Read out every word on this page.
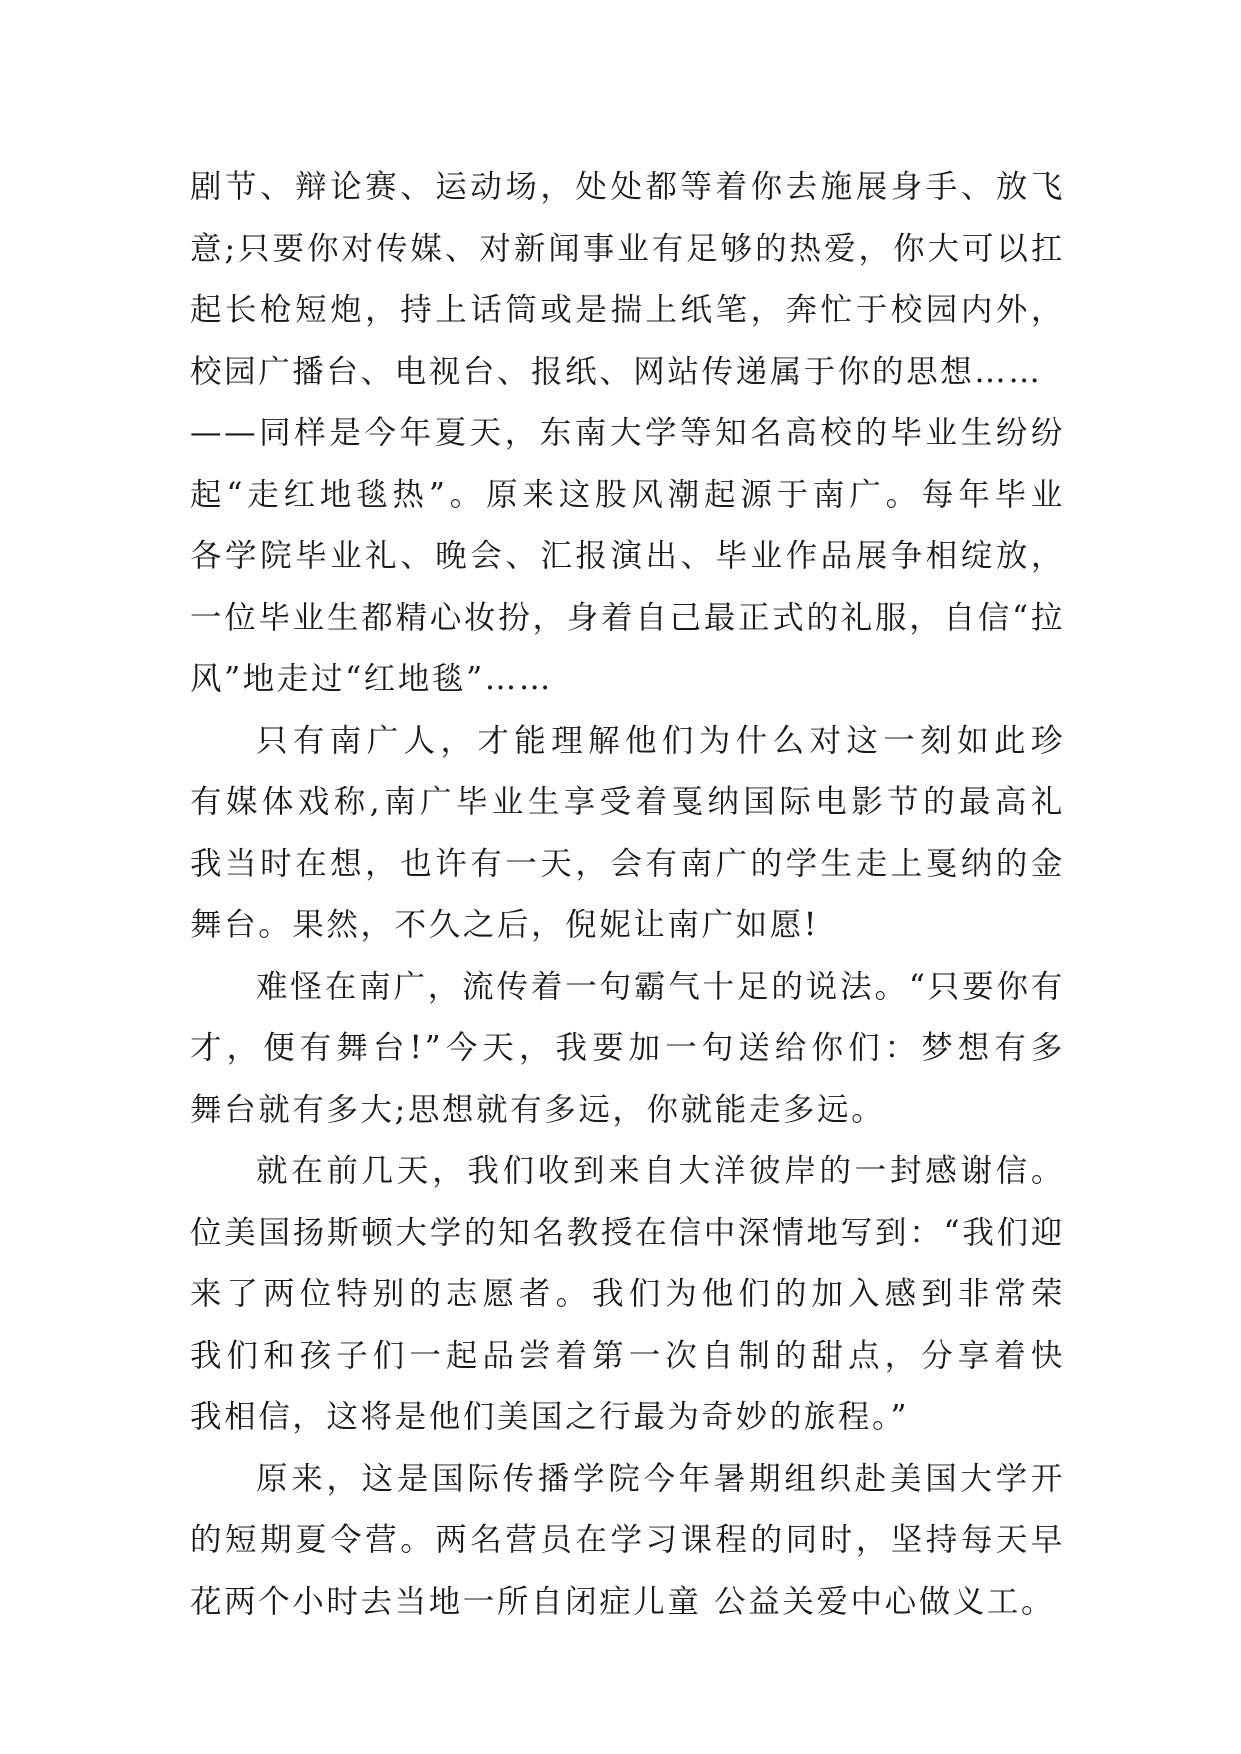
剧节、辩论赛、运动场，处处都等着你去施展身手、放飞
意;只要你对传媒、对新闻事业有足够的热爱，你大可以扛
起长枪短炮，持上话筒或是揣上纸笔，奔忙于校园内外，
校园广播台、电视台、报纸、网站传递属于你的思想……
——同样是今年夏天，东南大学等知名高校的毕业生纷纷
起“走红地毯热”。原来这股风潮起源于南广。每年毕业
各学院毕业礼、晚会、汇报演出、毕业作品展争相绽放，
一位毕业生都精心妆扮，身着自己最正式的礼服，自信“拉
风”地走过“红地毯”……
只有南广人，才能理解他们为什么对这一刻如此珍
有媒体戏称,南广毕业生享受着戛纳国际电影节的最高礼
我当时在想，也许有一天，会有南广的学生走上戛纳的金
舞台。果然，不久之后，倪妮让南广如愿!
难怪在南广，流传着一句霸气十足的说法。“只要你有
才，便有舞台!”今天，我要加一句送给你们：梦想有多
舞台就有多大;思想就有多远，你就能走多远。
就在前几天，我们收到来自大洋彼岸的一封感谢信。
位美国扬斯顿大学的知名教授在信中深情地写到：“我们迎
来了两位特别的志愿者。我们为他们的加入感到非常荣
我们和孩子们一起品尝着第一次自制的甜点，分享着快
我相信，这将是他们美国之行最为奇妙的旅程。”
原来，这是国际传播学院今年暑期组织赴美国大学开
的短期夏令营。两名营员在学习课程的同时，坚持每天早
花两个小时去当地一所自闭症儿童 公益关爱中心做义工。
